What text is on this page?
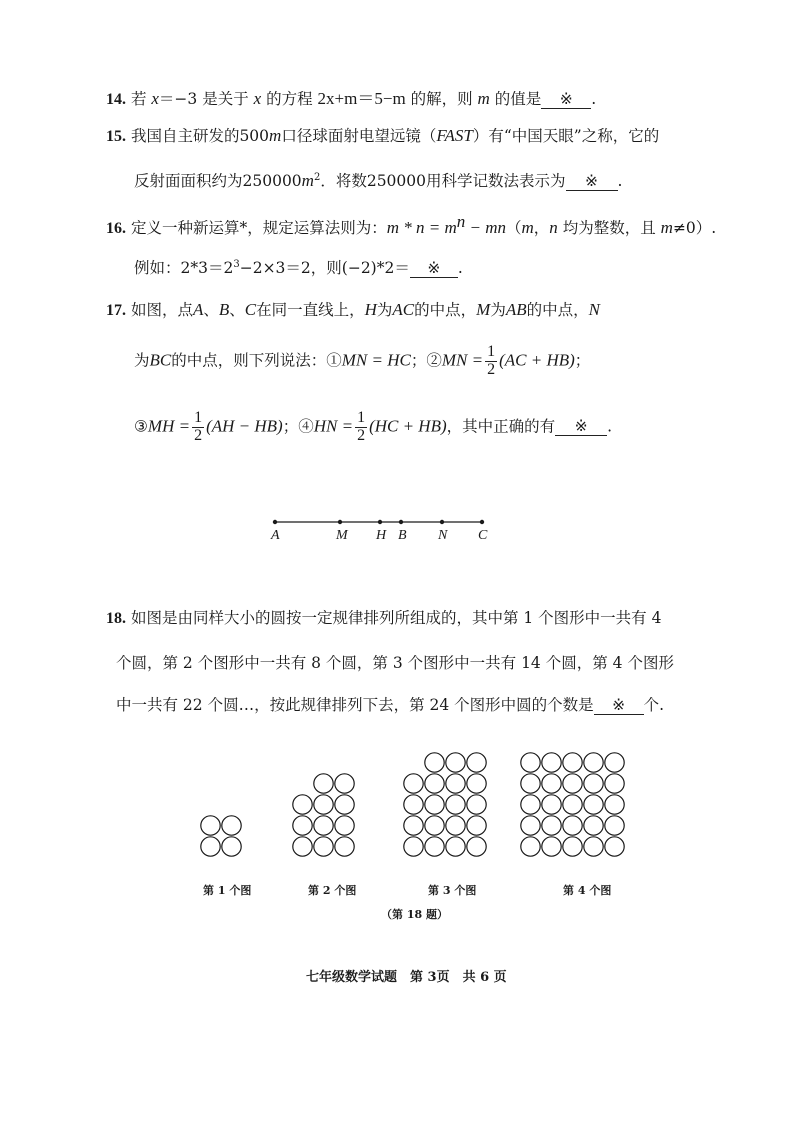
14. 若 x＝−3 是关于 x 的方程 2x+m＝5−m 的解，则 m 的值是 ※ .
15. 我国自主研发的500m口径球面射电望远镜（FAST）有“中国天眼”之称，它的
反射面面积约为$250000m^2$．将数250000用科学记数法表示为 ※ .
16. 定义一种新运算*，规定运算法则为：$m * n = m^n - mn(m$，n 均为整数，且 m≠0）.
例如：$2*3=2^3-2\times 3=2$，则(−2)*2＝ ※ .
17. 如图，点A、B、C在同一直线上，H为AC的中点，M为AB的中点，N
为BC的中点，则下列说法：①MN = HC；②MN = $\frac{1}{2} (AC + HB)$；
③MH = $\frac{1}{2} (AH - HB)$；④HN = $\frac{1}{2} (HC + HB)$，其中正确的有 ※ .
A	M H B N C
18. 如图是由同样大小的圆按一定规律排列所组成的，其中第 1 个图形中一共有 4
个圆，第 2 个图形中一共有 8 个圆，第 3 个图形中一共有 14 个圆，第 4 个图形
中一共有 22 个圆…，按此规律排列下去，第 24 个图形中圆的个数是 ※ 个.
第 1 个图	第 2 个图	第 3 个图	第 4 个图
（第 18 题）
七年级数学试题　第 3页　共 6 页
